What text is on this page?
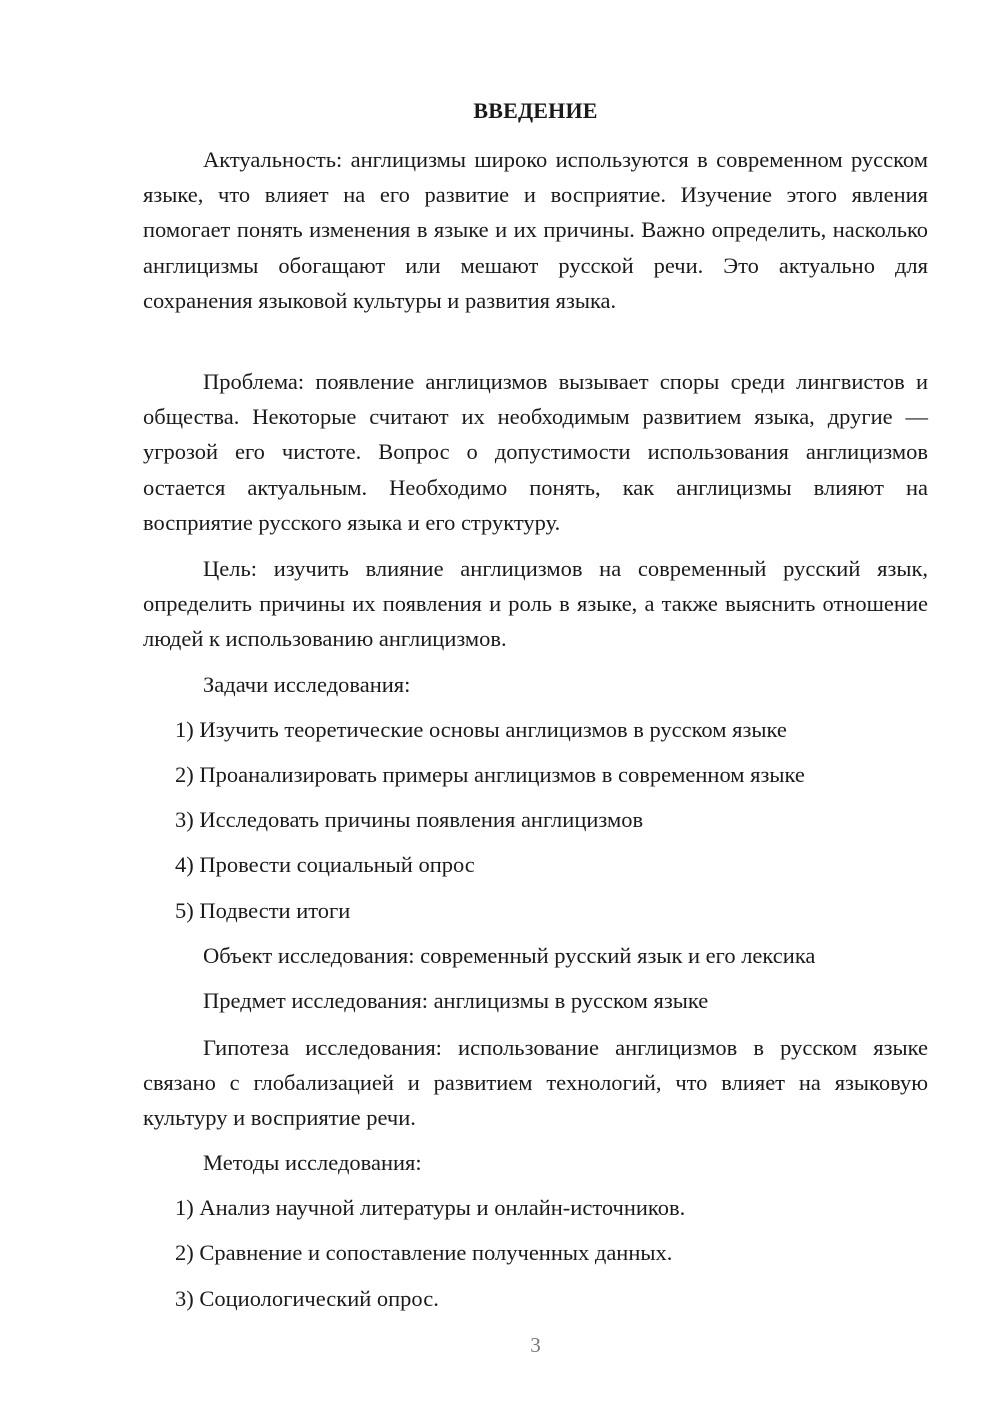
ВВЕДЕНИЕ

Актуальность: англицизмы широко используются в современном русском языке, что влияет на его развитие и восприятие. Изучение этого явления помогает понять изменения в языке и их причины. Важно определить, насколько англицизмы обогащают или мешают русской речи. Это актуально для сохранения языковой культуры и развития языка.

Проблема: появление англицизмов вызывает споры среди лингвистов и общества. Некоторые считают их необходимым развитием языка, другие — угрозой его чистоте. Вопрос о допустимости использования англицизмов остается актуальным. Необходимо понять, как англицизмы влияют на восприятие русского языка и его структуру.

Цель: изучить влияние англицизмов на современный русский язык, определить причины их появления и роль в языке, а также выяснить отношение людей к использованию англицизмов.

Задачи исследования:

1) Изучить теоретические основы англицизмов в русском языке

2) Проанализировать примеры англицизмов в современном языке

3) Исследовать причины появления англицизмов

4) Провести социальный опрос

5) Подвести итоги

Объект исследования: современный русский язык и его лексика

Предмет исследования: англицизмы в русском языке

Гипотеза исследования: использование англицизмов в русском языке связано с глобализацией и развитием технологий, что влияет на языковую культуру и восприятие речи.

Методы исследования:

1) Анализ научной литературы и онлайн-источников.

2) Сравнение и сопоставление полученных данных.

3) Социологический опрос.

3
